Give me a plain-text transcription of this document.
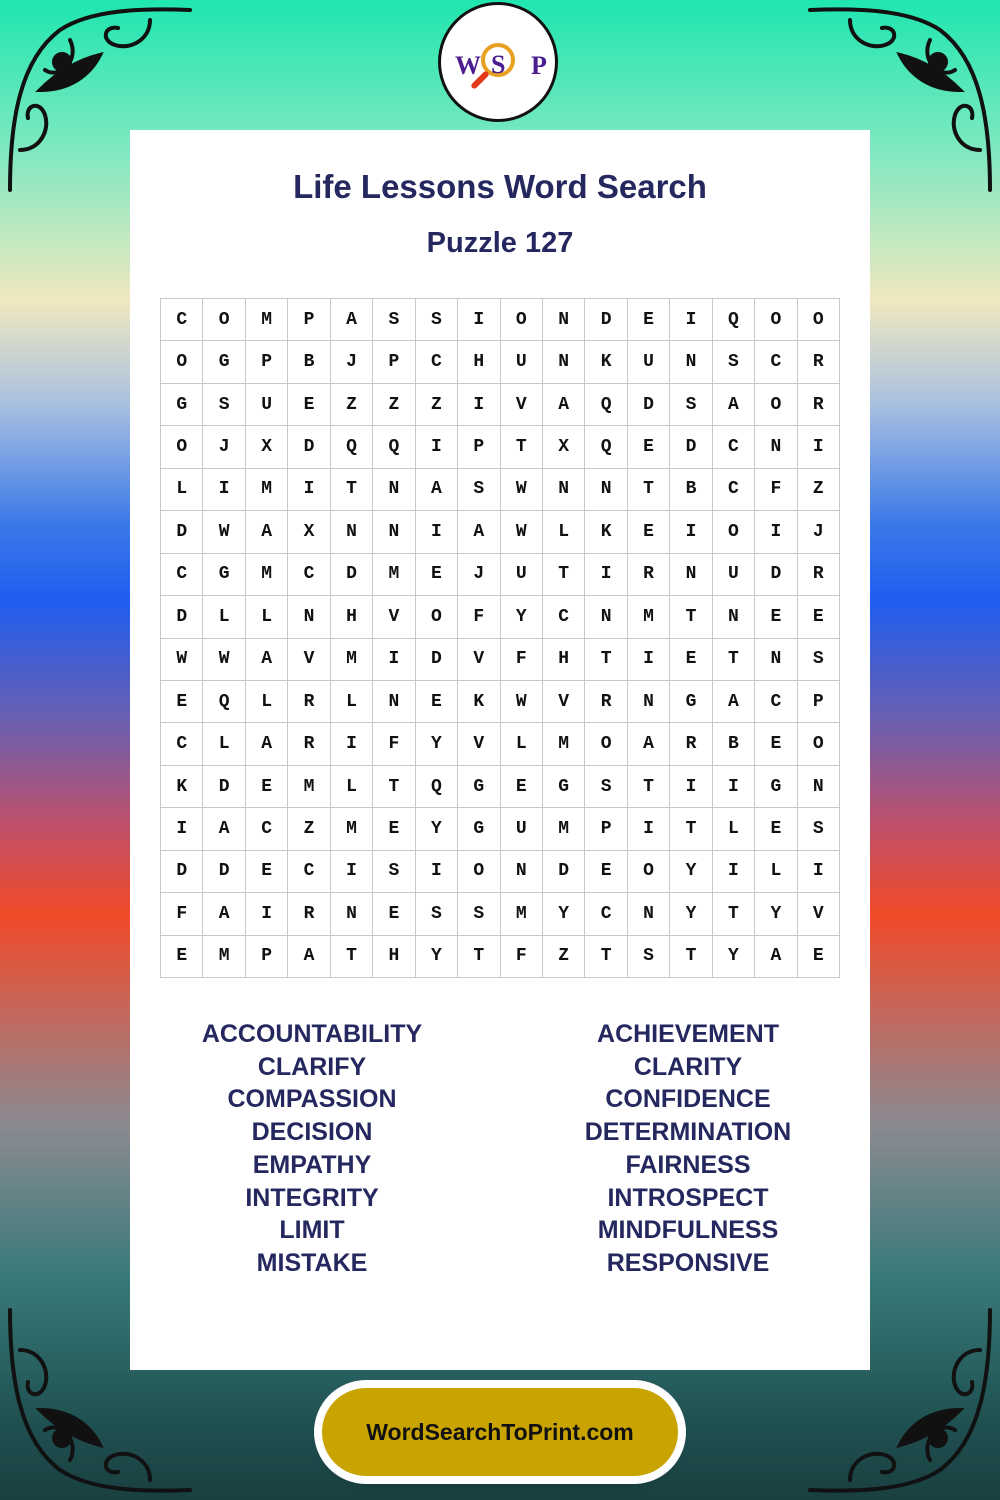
W S P
Life Lessons Word Search
Puzzle 127
C	O	M	P	A	S	S	I	O	N	D	E	I	Q	O	O
O	G	P	B	J	P	C	H	U	N	K	U	N	S	C	R
G	S	U	E	Z	Z	Z	I	V	A	Q	D	S	A	O	R
O	J	X	D	Q	Q	I	P	T	X	Q	E	D	C	N	I
L	I	M	I	T	N	A	S	W	N	N	T	B	C	F	Z
D	W	A	X	N	N	I	A	W	L	K	E	I	O	I	J
C	G	M	C	D	M	E	J	U	T	I	R	N	U	D	R
D	L	L	N	H	V	O	F	Y	C	N	M	T	N	E	E
W	W	A	V	M	I	D	V	F	H	T	I	E	T	N	S
E	Q	L	R	L	N	E	K	W	V	R	N	G	A	C	P
C	L	A	R	I	F	Y	V	L	M	O	A	R	B	E	O
K	D	E	M	L	T	Q	G	E	G	S	T	I	I	G	N
I	A	C	Z	M	E	Y	G	U	M	P	I	T	L	E	S
D	D	E	C	I	S	I	O	N	D	E	O	Y	I	L	I
F	A	I	R	N	E	S	S	M	Y	C	N	Y	T	Y	V
E	M	P	A	T	H	Y	T	F	Z	T	S	T	Y	A	E
ACCOUNTABILITY
CLARIFY
COMPASSION
DECISION
EMPATHY
INTEGRITY
LIMIT
MISTAKE
ACHIEVEMENT
CLARITY
CONFIDENCE
DETERMINATION
FAIRNESS
INTROSPECT
MINDFULNESS
RESPONSIVE
WordSearchToPrint.com
